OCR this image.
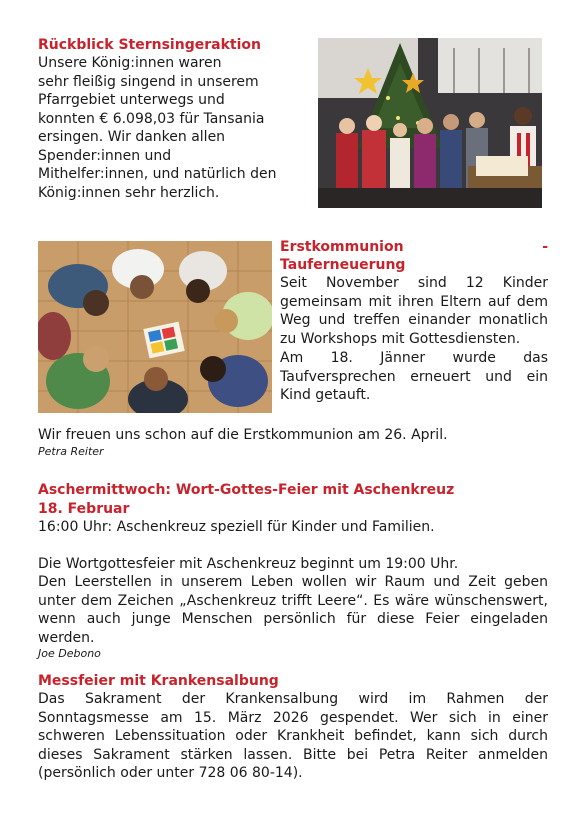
Rückblick Sternsingeraktion

Unsere König:innen waren

sehr fleißig singend in unserem

Pfarrgebiet unterwegs und

konnten € 6.098,03 für Tansania

ersingen. Wir danken allen

Spender:innen und

Mithelfer:innen, und natürlich den

König:innen sehr herzlich.

Erstkommunion	-

Tauferneuerung

Seit November sind 12 Kinder gemeinsam mit ihren Eltern auf dem Weg und treffen einander monatlich zu Workshops mit Gottesdiensten.

Am 18. Jänner wurde das Taufversprechen erneuert und ein Kind getauft.

Wir freuen uns schon auf die Erstkommunion am 26. April.

Petra Reiter

Aschermittwoch: Wort-Gottes-Feier mit Aschenkreuz

18. Februar

16:00 Uhr: Aschenkreuz speziell für Kinder und Familien.

Die Wortgottesfeier mit Aschenkreuz beginnt um 19:00 Uhr.

Den Leerstellen in unserem Leben wollen wir Raum und Zeit geben unter dem Zeichen „Aschenkreuz trifft Leere“. Es wäre wünschenswert, wenn auch junge Menschen persönlich für diese Feier eingeladen werden.

Joe Debono

Messfeier mit Krankensalbung

Das Sakrament der Krankensalbung wird im Rahmen der Sonntagsmesse am 15. März 2026 gespendet. Wer sich in einer schweren Lebenssituation oder Krankheit befindet, kann sich durch dieses Sakrament stärken lassen. Bitte bei Petra Reiter anmelden (persönlich oder unter 728 06 80-14).
